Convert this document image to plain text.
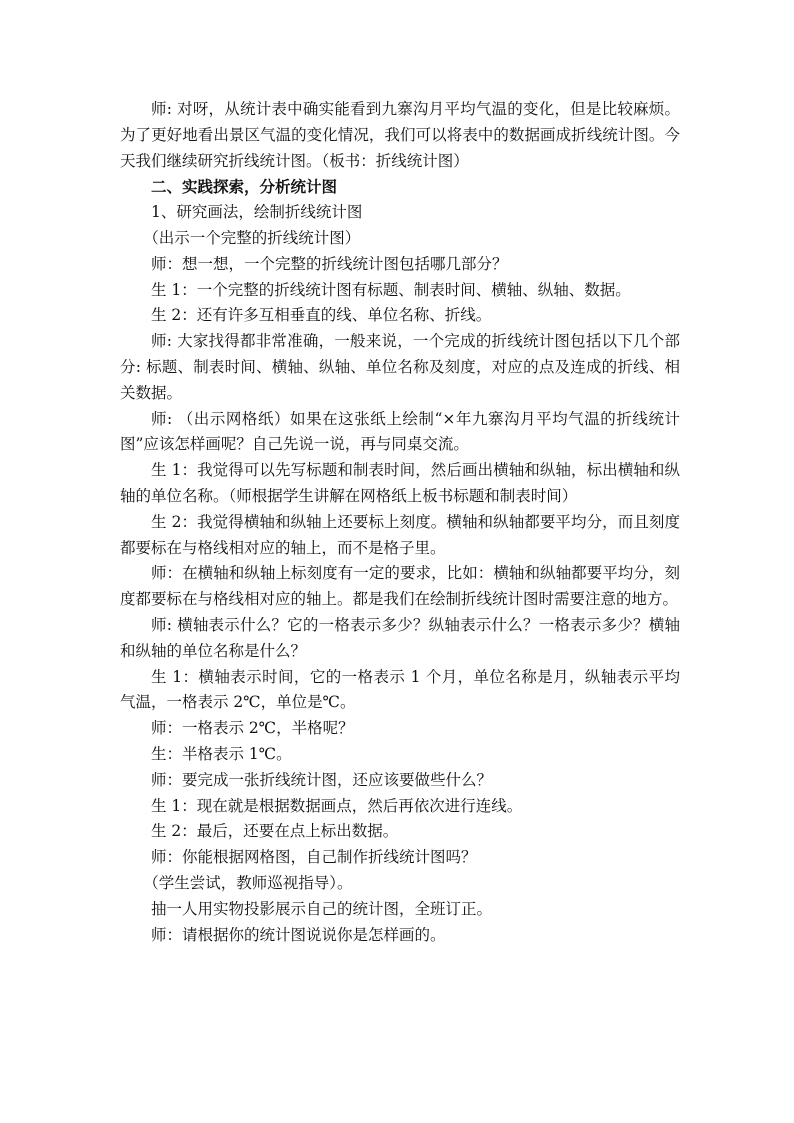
师: 对呀，从统计表中确实能看到九寨沟月平均气温的变化，但是比较麻烦。为了更好地看出景区气温的变化情况，我们可以将表中的数据画成折线统计图。今天我们继续研究折线统计图。（板书：折线统计图）

二、实践探索，分析统计图

1、研究画法，绘制折线统计图

（出示一个完整的折线统计图）

师：想一想，一个完整的折线统计图包括哪几部分？

生 1：一个完整的折线统计图有标题、制表时间、横轴、纵轴、数据。

生 2：还有许多互相垂直的线、单位名称、折线。

师: 大家找得都非常准确，一般来说，一个完成的折线统计图包括以下几个部分: 标题、制表时间、横轴、纵轴、单位名称及刻度，对应的点及连成的折线、相关数据。

师: （出示网格纸）如果在这张纸上绘制“×年九寨沟月平均气温的折线统计图”应该怎样画呢？自己先说一说，再与同桌交流。

生 1：我觉得可以先写标题和制表时间，然后画出横轴和纵轴，标出横轴和纵轴的单位名称。（师根据学生讲解在网格纸上板书标题和制表时间）

生 2：我觉得横轴和纵轴上还要标上刻度。横轴和纵轴都要平均分，而且刻度都要标在与格线相对应的轴上，而不是格子里。

师：在横轴和纵轴上标刻度有一定的要求，比如：横轴和纵轴都要平均分，刻度都要标在与格线相对应的轴上。都是我们在绘制折线统计图时需要注意的地方。

师: 横轴表示什么？它的一格表示多少？纵轴表示什么？一格表示多少？横轴和纵轴的单位名称是什么？

生 1：横轴表示时间，它的一格表示 1 个月，单位名称是月，纵轴表示平均气温，一格表示 2℃，单位是℃。

师：一格表示 2℃，半格呢？

生：半格表示 1℃。

师：要完成一张折线统计图，还应该要做些什么？

生 1：现在就是根据数据画点，然后再依次进行连线。

生 2：最后，还要在点上标出数据。

师：你能根据网格图，自己制作折线统计图吗？

（学生尝试，教师巡视指导）。

抽一人用实物投影展示自己的统计图，全班订正。

师：请根据你的统计图说说你是怎样画的。
